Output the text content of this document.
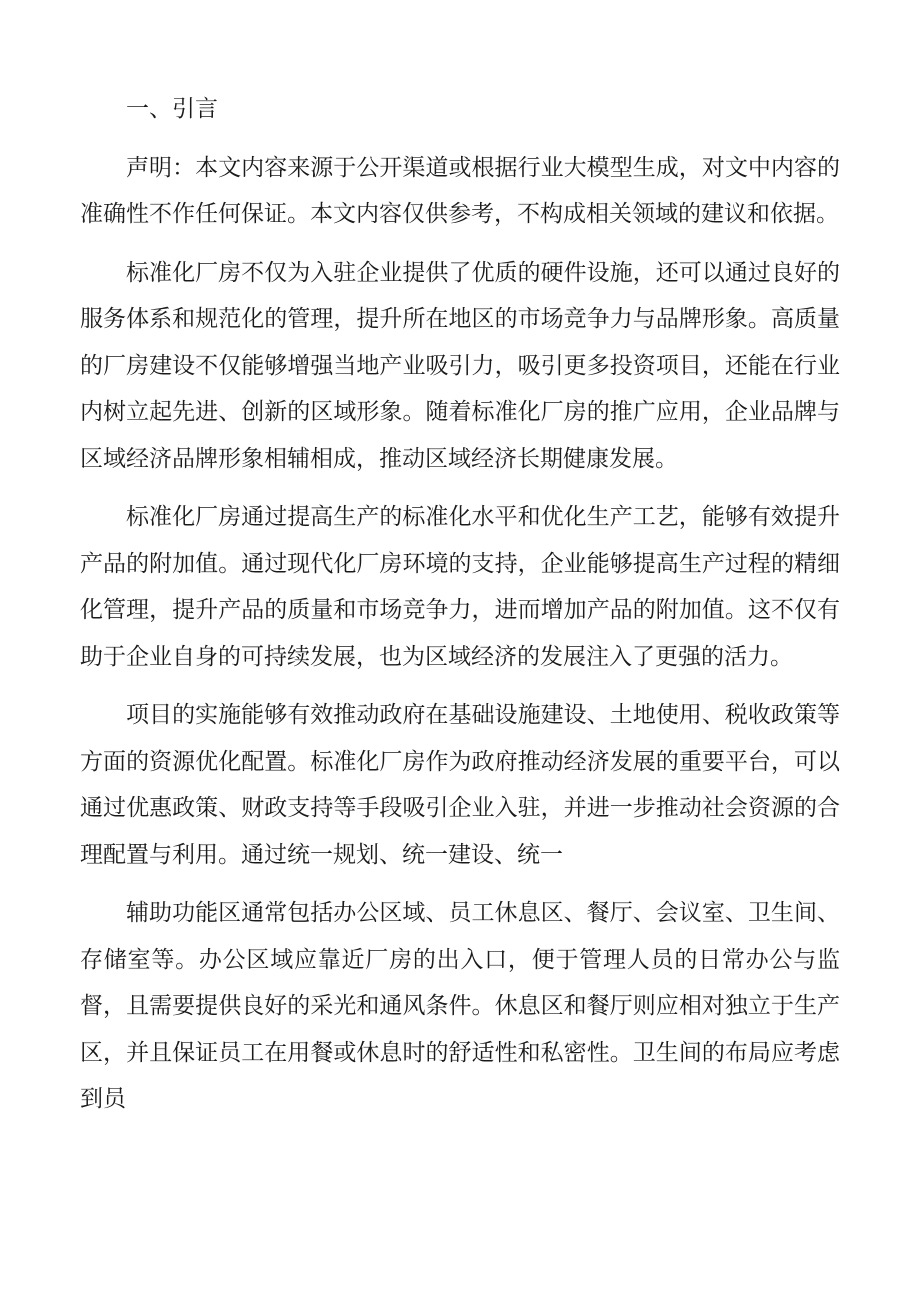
一、引言

声明：本文内容来源于公开渠道或根据行业大模型生成，对文中内容的准确性不作任何保证。本文内容仅供参考，不构成相关领域的建议和依据。

标准化厂房不仅为入驻企业提供了优质的硬件设施，还可以通过良好的服务体系和规范化的管理，提升所在地区的市场竞争力与品牌形象。高质量的厂房建设不仅能够增强当地产业吸引力，吸引更多投资项目，还能在行业内树立起先进、创新的区域形象。随着标准化厂房的推广应用，企业品牌与区域经济品牌形象相辅相成，推动区域经济长期健康发展。

标准化厂房通过提高生产的标准化水平和优化生产工艺，能够有效提升产品的附加值。通过现代化厂房环境的支持，企业能够提高生产过程的精细化管理，提升产品的质量和市场竞争力，进而增加产品的附加值。这不仅有助于企业自身的可持续发展，也为区域经济的发展注入了更强的活力。

项目的实施能够有效推动政府在基础设施建设、土地使用、税收政策等方面的资源优化配置。标准化厂房作为政府推动经济发展的重要平台，可以通过优惠政策、财政支持等手段吸引企业入驻，并进一步推动社会资源的合理配置与利用。通过统一规划、统一建设、统一

辅助功能区通常包括办公区域、员工休息区、餐厅、会议室、卫生间、存储室等。办公区域应靠近厂房的出入口，便于管理人员的日常办公与监督，且需要提供良好的采光和通风条件。休息区和餐厅则应相对独立于生产区，并且保证员工在用餐或休息时的舒适性和私密性。卫生间的布局应考虑到员
